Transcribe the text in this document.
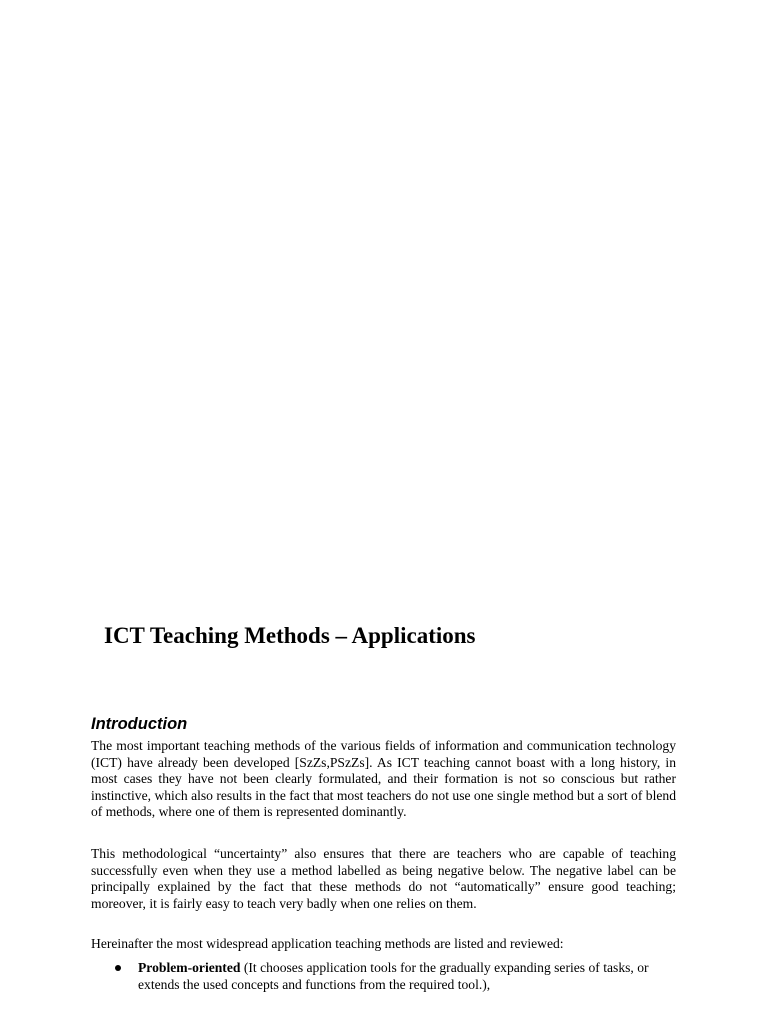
ICT Teaching Methods – Applications
Introduction

The most important teaching methods of the various fields of information and communication technology (ICT) have already been developed [SzZs,PSzZs]. As ICT teaching cannot boast with a long history, in most cases they have not been clearly formulated, and their formation is not so conscious but rather instinctive, which also results in the fact that most teachers do not use one single method but a sort of blend of methods, where one of them is represented dominantly.

This methodological “uncertainty” also ensures that there are teachers who are capable of teaching successfully even when they use a method labelled as being negative below. The negative label can be principally explained by the fact that these methods do not “automatically” ensure good teaching; moreover, it is fairly easy to teach very badly when one relies on them.

Hereinafter the most widespread application teaching methods are listed and reviewed:

Problem-oriented (It chooses application tools for the gradually expanding series of tasks, or extends the used concepts and functions from the required tool.),
